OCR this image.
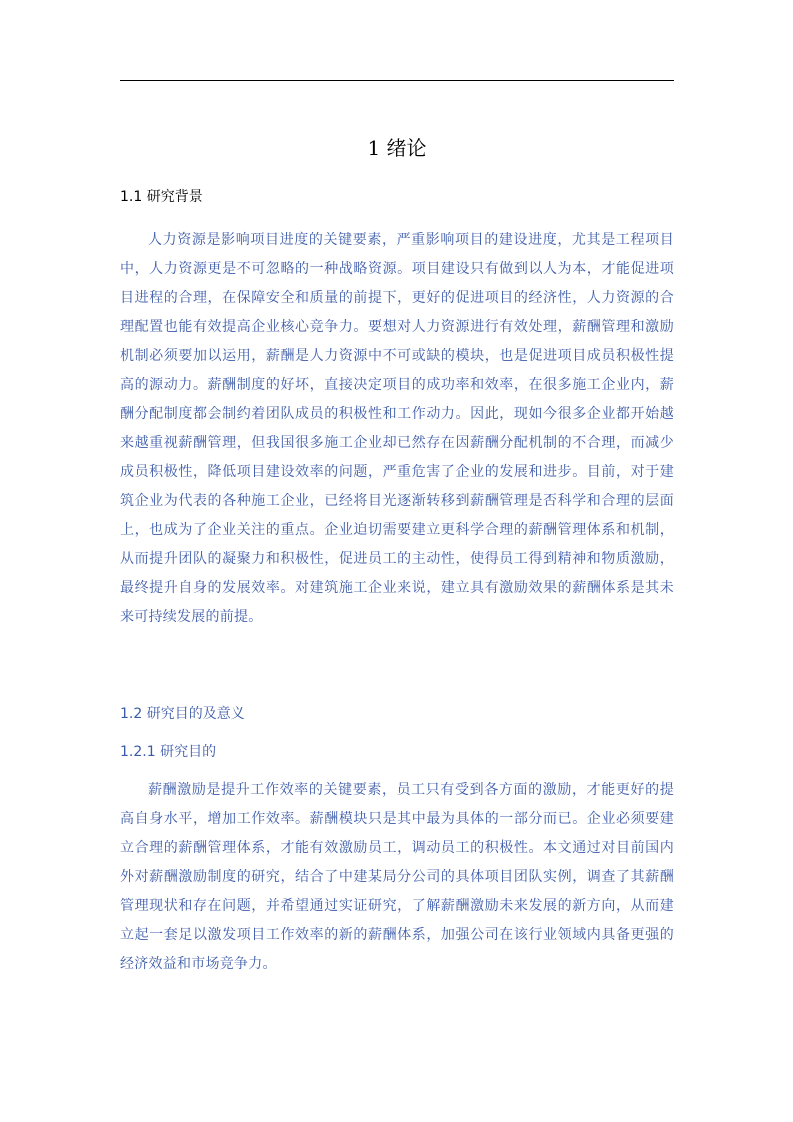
1 绪论
1.1 研究背景

人力资源是影响项目进度的关键要素，严重影响项目的建设进度，尤其是工程项目中，人力资源更是不可忽略的一种战略资源。项目建设只有做到以人为本，才能促进项目进程的合理，在保障安全和质量的前提下，更好的促进项目的经济性，人力资源的合理配置也能有效提高企业核心竞争力。要想对人力资源进行有效处理，薪酬管理和激励机制必须要加以运用，薪酬是人力资源中不可或缺的模块，也是促进项目成员积极性提高的源动力。薪酬制度的好坏，直接决定项目的成功率和效率，在很多施工企业内，薪酬分配制度都会制约着团队成员的积极性和工作动力。因此，现如今很多企业都开始越来越重视薪酬管理，但我国很多施工企业却已然存在因薪酬分配机制的不合理，而减少成员积极性，降低项目建设效率的问题，严重危害了企业的发展和进步。目前，对于建筑企业为代表的各种施工企业，已经将目光逐渐转移到薪酬管理是否科学和合理的层面上，也成为了企业关注的重点。企业迫切需要建立更科学合理的薪酬管理体系和机制，从而提升团队的凝聚力和积极性，促进员工的主动性，使得员工得到精神和物质激励，最终提升自身的发展效率。对建筑施工企业来说，建立具有激励效果的薪酬体系是其未来可持续发展的前提。

1.2 研究目的及意义
1.2.1 研究目的

薪酬激励是提升工作效率的关键要素，员工只有受到各方面的激励，才能更好的提高自身水平，增加工作效率。薪酬模块只是其中最为具体的一部分而已。企业必须要建立合理的薪酬管理体系，才能有效激励员工，调动员工的积极性。本文通过对目前国内外对薪酬激励制度的研究，结合了中建某局分公司的具体项目团队实例，调查了其薪酬管理现状和存在问题，并希望通过实证研究，了解薪酬激励未来发展的新方向，从而建立起一套足以激发项目工作效率的新的薪酬体系，加强公司在该行业领域内具备更强的经济效益和市场竞争力。
